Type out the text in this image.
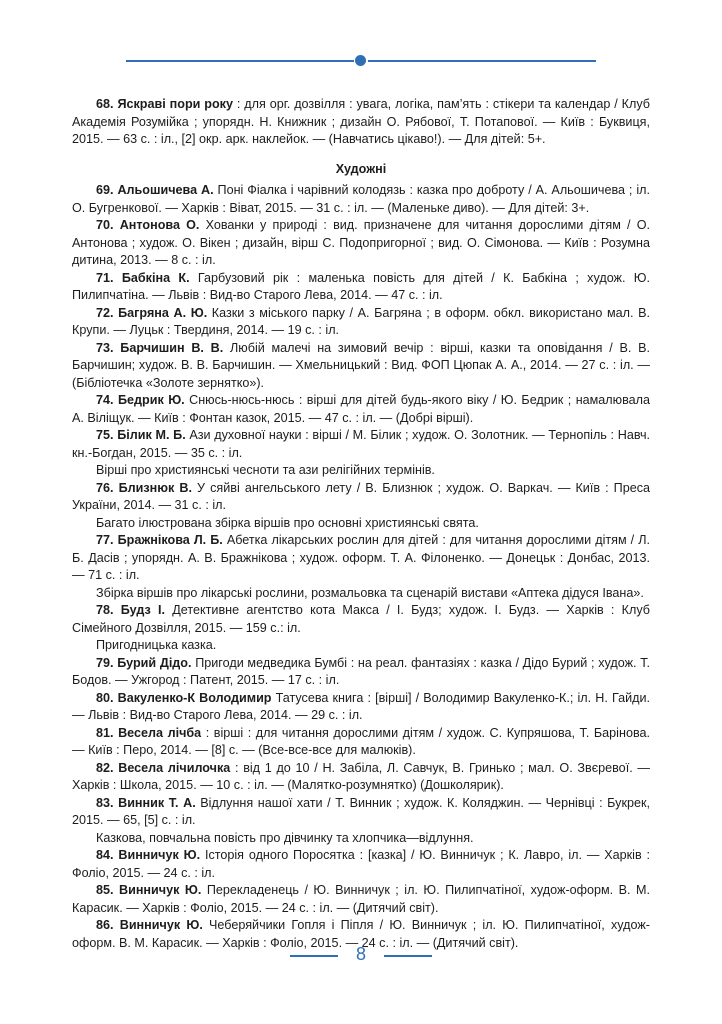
68. Яскраві пори року : для орг. дозвілля : увага, логіка, пам’ять : стікери та календар / Клуб Академія Розумійка ; упорядн. Н. Книжник ; дизайн О. Рябової, Т. Потапової. — Київ : Буквиця, 2015. — 63 с. : іл., [2] окр. арк. наклейок. — (Навчатись цікаво!). — Для дітей: 5+.

Художні

69. Альошичева А. Поні Фіалка і чарівний колодязь : казка про доброту / А. Альошичева ; іл. О. Бугренкової. — Харків : Віват, 2015. — 31 с. : іл. — (Маленьке диво). — Для дітей: 3+.

70. Антонова О. Хованки у природі : вид. призначене для читання дорослими дітям / О. Антонова ; худож. О. Вікен ; дизайн, вірш С. Подопригорної ; вид. О. Сімонова. — Київ : Розумна дитина, 2013. — 8 с. : іл.

71. Бабкіна К. Гарбузовий рік : маленька повість для дітей / К. Бабкіна ; худож. Ю. Пилипчатіна. — Львів : Вид-во Старого Лева, 2014. — 47 с. : іл.

72. Багряна А. Ю. Казки з міського парку / А. Багряна ; в оформ. обкл. використано мал. В. Крупи. — Луцьк : Твердиня, 2014. — 19 с. : іл.

73. Барчишин В. В. Любій малечі на зимовий вечір : вірші, казки та оповідання / В. В. Барчишин; худож. В. В. Барчишин. — Хмельницький : Вид. ФОП Цюпак А. А., 2014. — 27 с. : іл. — (Бібліотечка «Золоте зернятко»).

74. Бедрик Ю. Снюсь-нюсь-нюсь : вірші для дітей будь-якого віку / Ю. Бедрик ; намалювала А. Віліщук. — Київ : Фонтан казок, 2015. — 47 с. : іл. — (Добрі вірші).

75. Білик М. Б. Ази духовної науки : вірші / М. Білик ; худож. О. Золотник. — Тернопіль : Навч. кн.-Богдан, 2015. — 35 с. : іл.

Вірші про християнські чесноти та ази релігійних термінів.

76. Близнюк В. У сяйві ангельського лету / В. Близнюк ; худож. О. Варкач. — Київ : Преса України, 2014. — 31 с. : іл.

Багато ілюстрована збірка віршів про основні християнські свята.

77. Бражнікова Л. Б. Абетка лікарських рослин для дітей : для читання дорослими дітям / Л. Б. Дасів ; упорядн. А. В. Бражнікова ; худож. оформ. Т. А. Філоненко. — Донецьк : Донбас, 2013. — 71 с. : іл.

Збірка віршів про лікарські рослини, розмальовка та сценарій вистави «Аптека дідуся Івана».

78. Будз І. Детективне агентство кота Макса / І. Будз; худож. І. Будз. — Харків : Клуб Сімейного Дозвілля, 2015. — 159 с.: іл.

Пригодницька казка.

79. Бурий Дідо. Пригоди медведика Бумбі : на реал. фантазіях : казка / Дідо Бурий ; худож. Т. Бодов. — Ужгород : Патент, 2015. — 17 с. : іл.

80. Вакуленко-К Володимир Татусева книга : [вірші] / Володимир Вакуленко-К.; іл. Н. Гайди. — Львів : Вид-во Старого Лева, 2014. — 29 с. : іл.

81. Весела лічба : вірші : для читання дорослими дітям / худож. С. Купряшова, Т. Барінова. — Київ : Перо, 2014. — [8] с. — (Все-все-все для малюків).

82. Весела лічилочка : від 1 до 10 / Н. Забіла, Л. Савчук, В. Гринько ; мал. О. Звєревої. — Харків : Школа, 2015. — 10 с. : іл. — (Малятко-розумнятко) (Дошколярик).

83. Винник Т. А. Відлуння нашої хати / Т. Винник ; худож. К. Коляджин. — Чернівці : Букрек, 2015. — 65, [5] с. : іл.

Казкова, повчальна повість про дівчинку та хлопчика—відлуння.

84. Винничук Ю. Історія одного Поросятка : [казка] / Ю. Винничук ; К. Лавро, іл. — Харків : Фоліо, 2015. — 24 с. : іл.

85. Винничук Ю. Перекладенець / Ю. Винничук ; іл. Ю. Пилипчатіної, худож-оформ. В. М. Карасик. — Харків : Фоліо, 2015. — 24 с. : іл. — (Дитячий світ).

86. Винничук Ю. Чеберяйчики Гопля і Піпля / Ю. Винничук ; іл. Ю. Пилипчатіної, худож-оформ. В. М. Карасик. — Харків : Фоліо, 2015. — 24 с. : іл. — (Дитячий світ).

8
